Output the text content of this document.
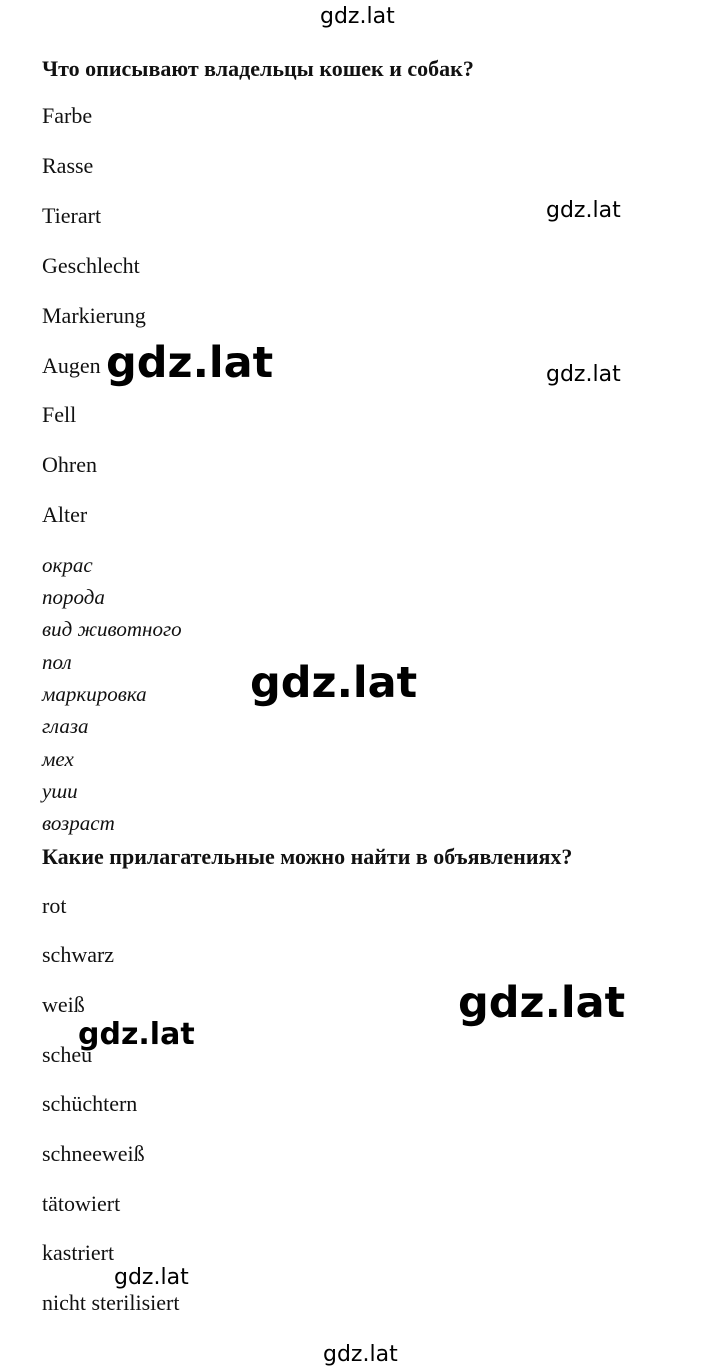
Что описывают владельцы кошек и собак?
Farbe
Rasse
Tierart
Geschlecht
Markierung
Augen
Fell
Ohren
Alter
окрас
порода
вид животного
пол
маркировка
глаза
мех
уши
возраст
Какие прилагательные можно найти в объявлениях?
rot
schwarz
weiß
scheu
schüchtern
schneeweiß
tätowiert
kastriert
nicht sterilisiert
gdz.lat
gdz.lat
gdz.lat
gdz.lat
gdz.lat
gdz.lat
gdz.lat
gdz.lat
gdz.lat
